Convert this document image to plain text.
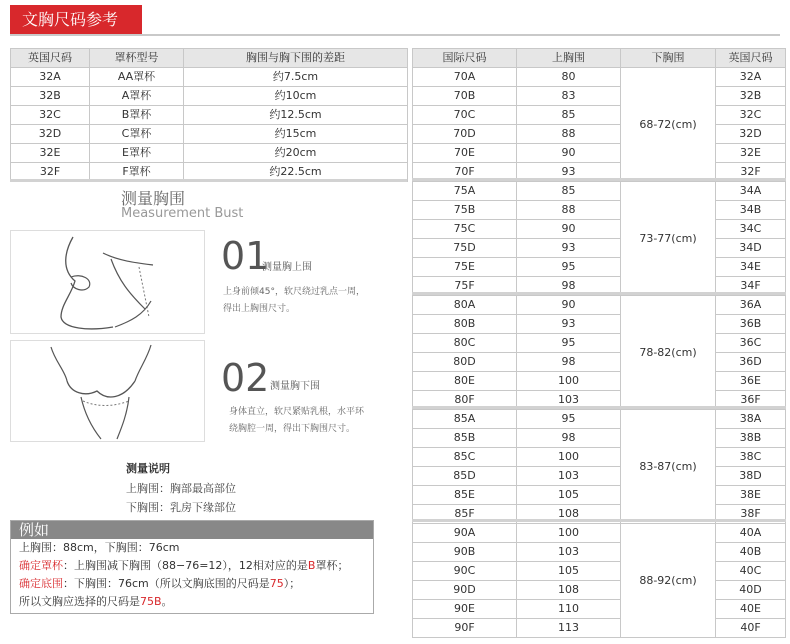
文胸尺码参考
英国尺码	罩杯型号	胸围与胸下围的差距
32A	AA罩杯	约7.5cm
32B	A罩杯	约10cm
32C	B罩杯	约12.5cm
32D	C罩杯	约15cm
32E	E罩杯	约20cm
32F	F罩杯	约22.5cm
国际尺码	上胸围	下胸围	英国尺码
70A	80	68-72(cm)	32A
70B	83		32B
70C	85		32C
70D	88		32D
70E	90		32E
70F	93		32F
75A	85	73-77(cm)	34A
75B	88		34B
75C	90		34C
75D	93		34D
75E	95		34E
75F	98		34F
80A	90	78-82(cm)	36A
80B	93		36B
80C	95		36C
80D	98		36D
80E	100		36E
80F	103		36F
85A	95	83-87(cm)	38A
85B	98		38B
85C	100		38C
85D	103		38D
85E	105		38E
85F	108		38F
90A	100	88-92(cm)	40A
90B	103		40B
90C	105		40C
90D	108		40D
90E	110		40E
90F	113		40F
测量胸围
Measurement Bust
01
测量胸上围
上身前倾45°，软尺绕过乳点一周，
得出上胸围尺寸。
02 测量胸下围
身体直立，软尺紧贴乳根，水平环
绕胸腔一周，得出下胸围尺寸。
测量说明
上胸围：胸部最高部位
下胸围：乳房下缘部位
例如
上胸围：88cm，下胸围：76cm
确定罩杯：上胸围减下胸围（88−76=12），12相对应的是B罩杯；
确定底围：下胸围：76cm（所以文胸底围的尺码是75）；
所以文胸应选择的尺码是75B。
